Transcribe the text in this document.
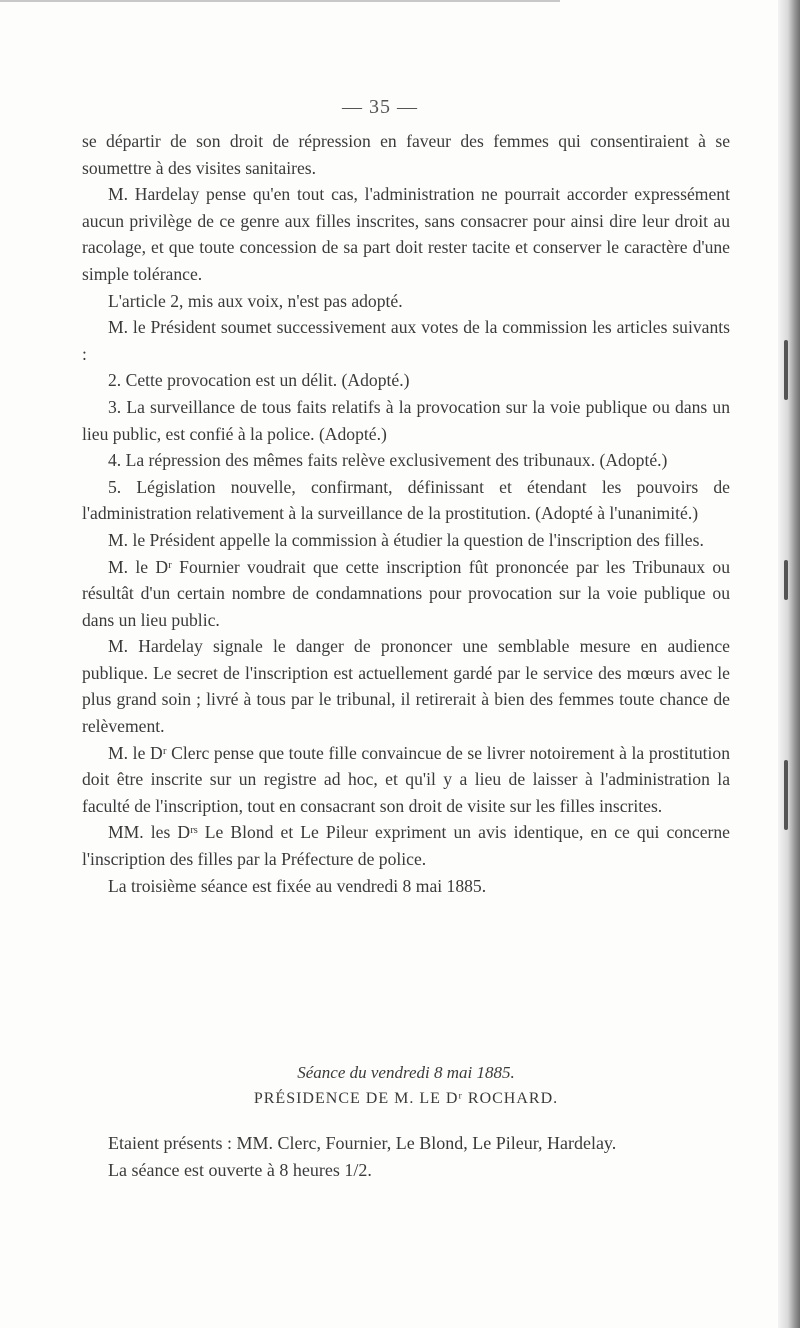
— 35 —

se départir de son droit de répression en faveur des femmes qui consentiraient à se soumettre à des visites sanitaires.

M. Hardelay pense qu'en tout cas, l'administration ne pourrait accorder expressément aucun privilège de ce genre aux filles inscrites, sans consacrer pour ainsi dire leur droit au racolage, et que toute concession de sa part doit rester tacite et conserver le caractère d'une simple tolérance.

L'article 2, mis aux voix, n'est pas adopté.

M. le Président soumet successivement aux votes de la commission les articles suivants :

2. Cette provocation est un délit. (Adopté.)

3. La surveillance de tous faits relatifs à la provocation sur la voie publique ou dans un lieu public, est confié à la police. (Adopté.)

4. La répression des mêmes faits relève exclusivement des tribunaux. (Adopté.)

5. Législation nouvelle, confirmant, définissant et étendant les pouvoirs de l'administration relativement à la surveillance de la prostitution. (Adopté à l'unanimité.)

M. le Président appelle la commission à étudier la question de l'inscription des filles.

M. le Dʳ Fournier voudrait que cette inscription fût prononcée par les Tribunaux ou résultât d'un certain nombre de condamnations pour provocation sur la voie publique ou dans un lieu public.

M. Hardelay signale le danger de prononcer une semblable mesure en audience publique. Le secret de l'inscription est actuellement gardé par le service des mœurs avec le plus grand soin ; livré à tous par le tribunal, il retirerait à bien des femmes toute chance de relèvement.

M. le Dʳ Clerc pense que toute fille convaincue de se livrer notoirement à la prostitution doit être inscrite sur un registre ad hoc, et qu'il y a lieu de laisser à l'administration la faculté de l'inscription, tout en consacrant son droit de visite sur les filles inscrites.

MM. les Dʳˢ Le Blond et Le Pileur expriment un avis identique, en ce qui concerne l'inscription des filles par la Préfecture de police.

La troisième séance est fixée au vendredi 8 mai 1885.

Séance du vendredi 8 mai 1885.

PRÉSIDENCE DE M. LE Dʳ ROCHARD.

Etaient présents : MM. Clerc, Fournier, Le Blond, Le Pileur, Hardelay.

La séance est ouverte à 8 heures 1/2.
